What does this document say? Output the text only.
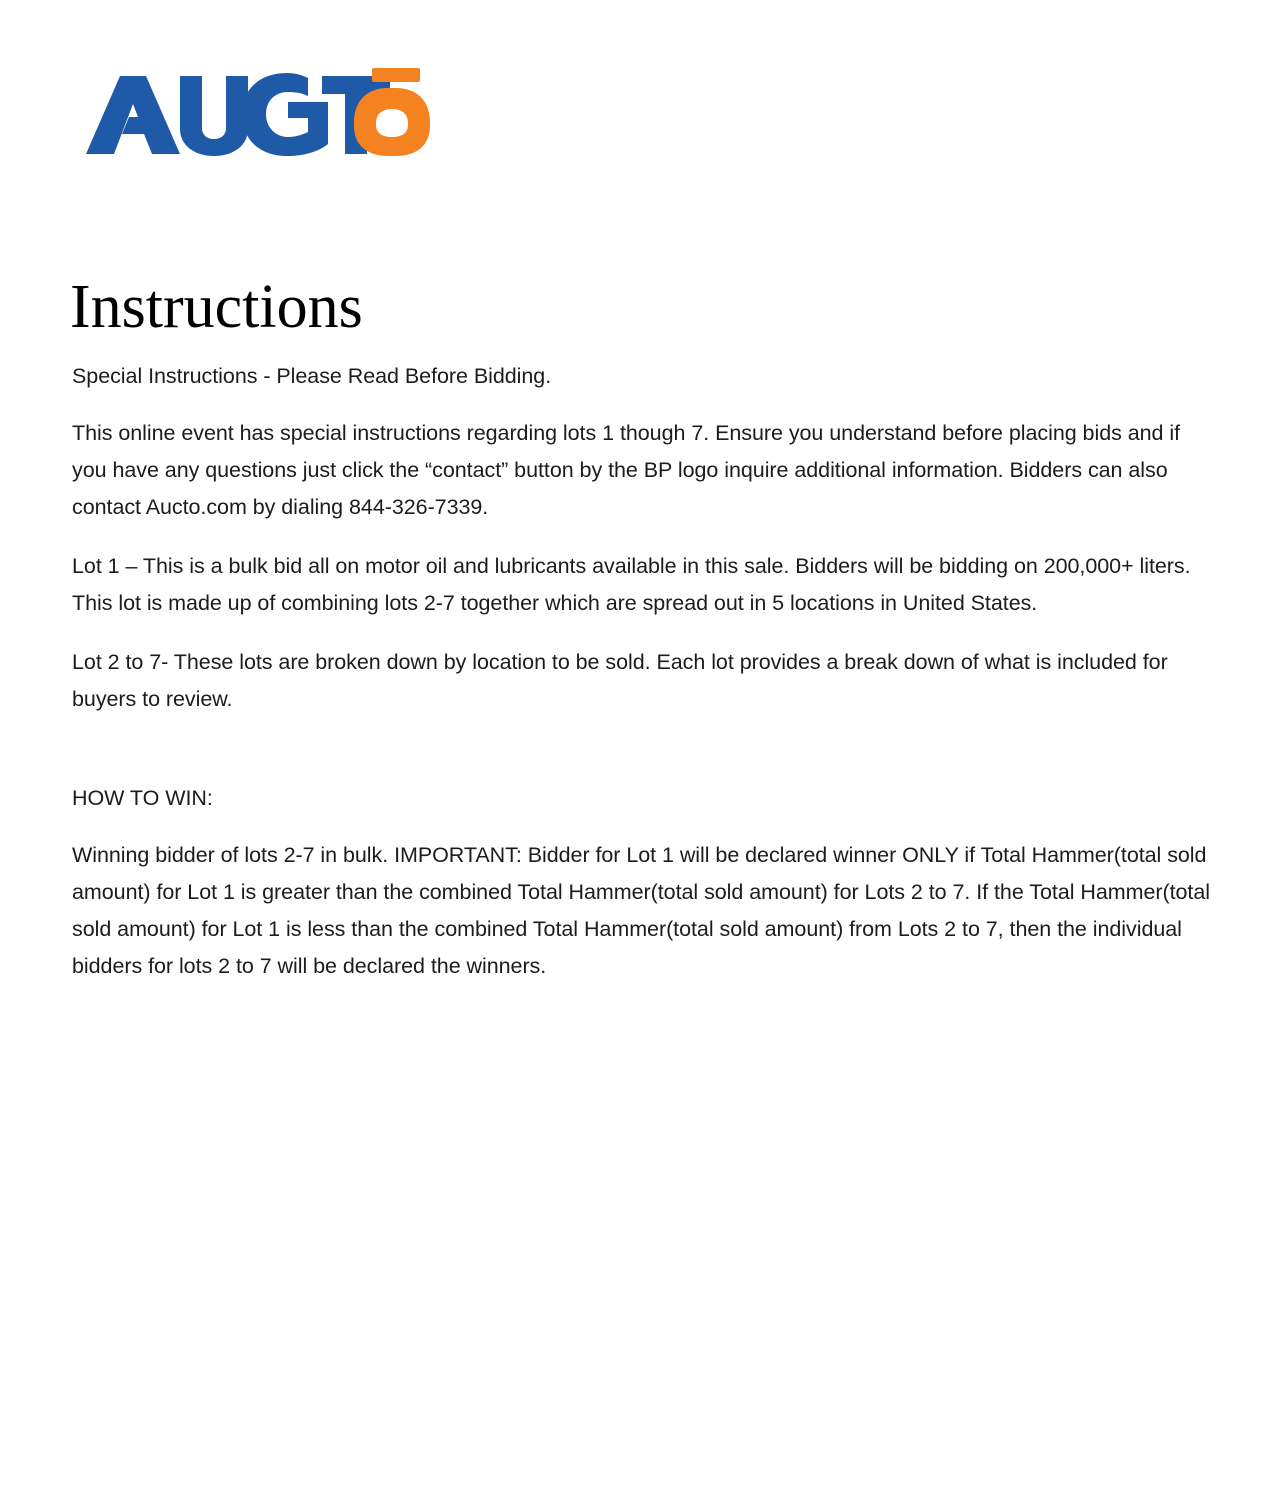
Instructions

Special Instructions - Please Read Before Bidding.

This online event has special instructions regarding lots 1 though 7. Ensure you understand before placing bids and if you have any questions just click the “contact” button by the BP logo inquire additional information. Bidders can also contact Aucto.com by dialing 844-326-7339.

Lot 1 – This is a bulk bid all on motor oil and lubricants available in this sale. Bidders will be bidding on 200,000+ liters. This lot is made up of combining lots 2-7 together which are spread out in 5 locations in United States.

Lot 2 to 7- These lots are broken down by location to be sold. Each lot provides a break down of what is included for buyers to review.

HOW TO WIN:

Winning bidder of lots 2-7 in bulk. IMPORTANT: Bidder for Lot 1 will be declared winner ONLY if Total Hammer(total sold amount) for Lot 1 is greater than the combined Total Hammer(total sold amount) for Lots 2 to 7. If the Total Hammer(total sold amount) for Lot 1 is less than the combined Total Hammer(total sold amount) from Lots 2 to 7, then the individual bidders for lots 2 to 7 will be declared the winners.
